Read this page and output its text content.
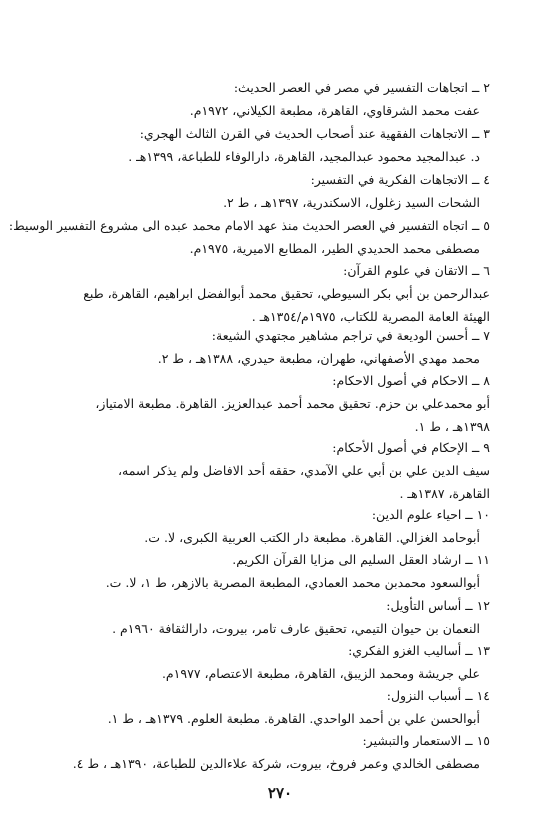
٢ ــ اتجاهات التفسير في مصر في العصر الحديث:
عفت محمد الشرقاوي، القاهرة، مطبعة الكيلاني، ١٩٧٢م.
٣ ــ الاتجاهات الفقهية عند أصحاب الحديث في القرن الثالث الهجري:
د. عبدالمجيد محمود عبدالمجيد، القاهرة، دارالوفاء للطباعة، ١٣٩٩هـ .
٤ ــ الاتجاهات الفكرية في التفسير:
الشحات السيد زغلول، الاسكندرية، ١٣٩٧هـ ، ط ٢.
٥ ــ اتجاه التفسير في العصر الحديث منذ عهد الامام محمد عبده الى مشروع التفسير الوسيط:
مصطفى محمد الحديدي الطير، المطابع الاميرية، ١٩٧٥م.
٦ ــ الاتقان في علوم القرآن:
عبدالرحمن بن أبي بكر السيوطي، تحقيق محمد أبوالفضل ابراهيم، القاهرة، طبع
الهيئة العامة المصرية للكتاب، ١٩٧٥م/١٣٥٤هـ .
٧ ــ أحسن الوديعة في تراجم مشاهير مجتهدي الشيعة:
محمد مهدي الأصفهاني، طهران، مطبعة حيدري، ١٣٨٨هـ ، ط ٢.
٨ ــ الاحكام في أصول الاحكام:
أبو محمدعلي بن حزم. تحقيق محمد أحمد عبدالعزيز. القاهرة. مطبعة الامتياز،
١٣٩٨هـ ، ط ١.
٩ ــ الإحكام في أصول الأحكام:
سيف الدين علي بن أبي علي الآمدي، حققه أحد الافاضل ولم يذكر اسمه،
القاهرة، ١٣٨٧هـ .
١٠ ــ احياء علوم الدين:
أبوحامد الغزالي. القاهرة. مطبعة دار الكتب العربية الكبرى، لا. ت.
١١ ــ ارشاد العقل السليم الى مزايا القرآن الكريم.
أبوالسعود محمدبن محمد العمادي، المطبعة المصرية بالازهر، ط ١، لا. ت.
١٢ ــ أساس التأويل:
النعمان بن حيوان التيمي، تحقيق عارف تامر، بيروت، دارالثقافة ١٩٦٠م .
١٣ ــ أساليب الغزو الفكري:
علي جريشة ومحمد الزيبق، القاهرة، مطبعة الاعتصام، ١٩٧٧م.
١٤ ــ أسباب النزول:
أبوالحسن علي بن أحمد الواحدي. القاهرة. مطبعة العلوم. ١٣٧٩هـ ، ط ١.
١٥ ــ الاستعمار والتبشير:
مصطفى الخالدي وعمر فروخ، بيروت، شركة علاءالدين للطباعة، ١٣٩٠هـ ، ط ٤.
٢٧٠
